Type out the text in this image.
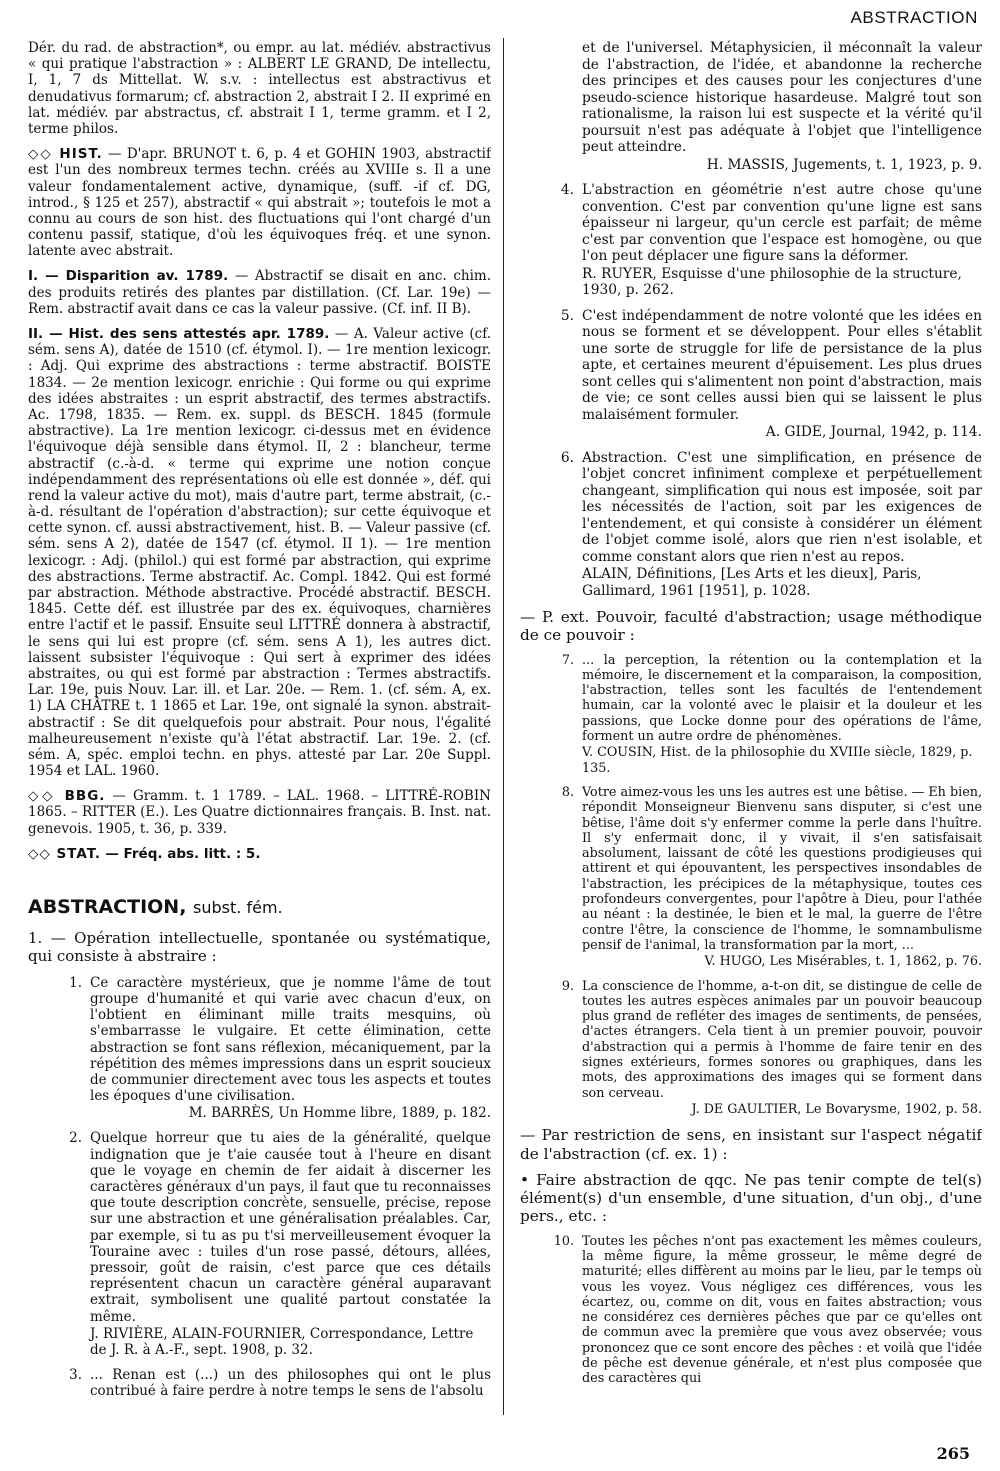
ABSTRACTION

Dér. du rad. de abstraction*, ou empr. au lat. médiév. abstractivus « qui pratique l'abstraction » : ALBERT LE GRAND, De intellectu, I, 1, 7 ds Mittellat. W. s.v. : intellectus est abstractivus et denudativus formarum; cf. abstraction 2, abstrait I 2. II exprimé en lat. médiév. par abstractus, cf. abstrait I 1, terme gramm. et I 2, terme philos.

◇◇ HIST. — D'apr. BRUNOT t. 6, p. 4 et GOHIN 1903, abstractif est l'un des nombreux termes techn. créés au XVIIIe s. Il a une valeur fondamentalement active, dynamique, (suff. -if cf. DG, introd., § 125 et 257), abstractif « qui abstrait »; toutefois le mot a connu au cours de son hist. des fluctuations qui l'ont chargé d'un contenu passif, statique, d'où les équivoques fréq. et une synon. latente avec abstrait.

I. — Disparition av. 1789. — Abstractif se disait en anc. chim. des produits retirés des plantes par distillation. (Cf. Lar. 19e) — Rem. abstractif avait dans ce cas la valeur passive. (Cf. inf. II B).

II. — Hist. des sens attestés apr. 1789. — A. Valeur active (cf. sém. sens A), datée de 1510 (cf. étymol. I). — 1re mention lexicogr. : Adj. Qui exprime des abstractions : terme abstractif. BOISTE 1834. — 2e mention lexicogr. enrichie : Qui forme ou qui exprime des idées abstraites : un esprit abstractif, des termes abstractifs. Ac. 1798, 1835. — Rem. ex. suppl. ds BESCH. 1845 (formule abstractive). La 1re mention lexicogr. ci-dessus met en évidence l'équivoque déjà sensible dans étymol. II, 2 : blancheur, terme abstractif (c.-à-d. « terme qui exprime une notion conçue indépendamment des représentations où elle est donnée », déf. qui rend la valeur active du mot), mais d'autre part, terme abstrait, (c.-à-d. résultant de l'opération d'abstraction); sur cette équivoque et cette synon. cf. aussi abstractivement, hist. B. — Valeur passive (cf. sém. sens A 2), datée de 1547 (cf. étymol. II 1). — 1re mention lexicogr. : Adj. (philol.) qui est formé par abstraction, qui exprime des abstractions. Terme abstractif. Ac. Compl. 1842. Qui est formé par abstraction. Méthode abstractive. Procédé abstractif. BESCH. 1845. Cette déf. est illustrée par des ex. équivoques, charnières entre l'actif et le passif. Ensuite seul LITTRÉ donnera à abstractif, le sens qui lui est propre (cf. sém. sens A 1), les autres dict. laissent subsister l'équivoque : Qui sert à exprimer des idées abstraites, ou qui est formé par abstraction : Termes abstractifs. Lar. 19e, puis Nouv. Lar. ill. et Lar. 20e. — Rem. 1. (cf. sém. A, ex. 1) LA CHÂTRE t. 1 1865 et Lar. 19e, ont signalé la synon. abstrait-abstractif : Se dit quelquefois pour abstrait. Pour nous, l'égalité malheureusement n'existe qu'à l'état abstractif. Lar. 19e. 2. (cf. sém. A, spéc. emploi techn. en phys. attesté par Lar. 20e Suppl. 1954 et LAL. 1960.

◇◇ BBG. — Gramm. t. 1 1789. – LAL. 1968. – LITTRÉ-ROBIN 1865. – RITTER (E.). Les Quatre dictionnaires français. B. Inst. nat. genevois. 1905, t. 36, p. 339.

◇◇ STAT. — Fréq. abs. litt. : 5.

ABSTRACTION, subst. fém.

1. — Opération intellectuelle, spontanée ou systématique, qui consiste à abstraire :

1. Ce caractère mystérieux, que je nomme l'âme de tout groupe d'humanité et qui varie avec chacun d'eux, on l'obtient en éliminant mille traits mesquins, où s'embarrasse le vulgaire. Et cette élimination, cette abstraction se font sans réflexion, mécaniquement, par la répétition des mêmes impressions dans un esprit soucieux de communier directement avec tous les aspects et toutes les époques d'une civilisation.
M. BARRÈS, Un Homme libre, 1889, p. 182.
2. Quelque horreur que tu aies de la généralité, quelque indignation que je t'aie causée tout à l'heure en disant que le voyage en chemin de fer aidait à discerner les caractères généraux d'un pays, il faut que tu reconnaisses que toute description concrète, sensuelle, précise, repose sur une abstraction et une généralisation préalables. Car, par exemple, si tu as pu t'si merveilleusement évoquer la Touraine avec : tuiles d'un rose passé, détours, allées, pressoir, goût de raisin, c'est parce que ces détails représentent chacun un caractère général auparavant extrait, symbolisent une qualité partout constatée la même.
J. RIVIÈRE, ALAIN-FOURNIER, Correspondance, Lettre de J. R. à A.-F., sept. 1908, p. 32.
3. ... Renan est (...) un des philosophes qui ont le plus contribué à faire perdre à notre temps le sens de l'absolu
et de l'universel. Métaphysicien, il méconnaît la valeur de l'abstraction, de l'idée, et abandonne la recherche des principes et des causes pour les conjectures d'une pseudo-science historique hasardeuse. Malgré tout son rationalisme, la raison lui est suspecte et la vérité qu'il poursuit n'est pas adéquate à l'objet que l'intelligence peut atteindre.
H. MASSIS, Jugements, t. 1, 1923, p. 9.
4. L'abstraction en géométrie n'est autre chose qu'une convention. C'est par convention qu'une ligne est sans épaisseur ni largeur, qu'un cercle est parfait; de même c'est par convention que l'espace est homogène, ou que l'on peut déplacer une figure sans la déformer.
R. RUYER, Esquisse d'une philosophie de la structure, 1930, p. 262.
5. C'est indépendamment de notre volonté que les idées en nous se forment et se développent. Pour elles s'établit une sorte de struggle for life de persistance de la plus apte, et certaines meurent d'épuisement. Les plus drues sont celles qui s'alimentent non point d'abstraction, mais de vie; ce sont celles aussi bien qui se laissent le plus malaisément formuler.
A. GIDE, Journal, 1942, p. 114.
6. Abstraction. C'est une simplification, en présence de l'objet concret infiniment complexe et perpétuellement changeant, simplification qui nous est imposée, soit par les nécessités de l'action, soit par les exigences de l'entendement, et qui consiste à considérer un élément de l'objet comme isolé, alors que rien n'est isolable, et comme constant alors que rien n'est au repos.
ALAIN, Définitions, [Les Arts et les dieux], Paris, Gallimard, 1961 [1951], p. 1028.

— P. ext. Pouvoir, faculté d'abstraction; usage méthodique de ce pouvoir :

7. ... la perception, la rétention ou la contemplation et la mémoire, le discernement et la comparaison, la composition, l'abstraction, telles sont les facultés de l'entendement humain, car la volonté avec le plaisir et la douleur et les passions, que Locke donne pour des opérations de l'âme, forment un autre ordre de phénomènes.
V. COUSIN, Hist. de la philosophie du XVIIIe siècle, 1829, p. 135.
8. Votre aimez-vous les uns les autres est une bêtise. — Eh bien, répondit Monseigneur Bienvenu sans disputer, si c'est une bêtise, l'âme doit s'y enfermer comme la perle dans l'huître. Il s'y enfermait donc, il y vivait, il s'en satisfaisait absolument, laissant de côté les questions prodigieuses qui attirent et qui épouvantent, les perspectives insondables de l'abstraction, les précipices de la métaphysique, toutes ces profondeurs convergentes, pour l'apôtre à Dieu, pour l'athée au néant : la destinée, le bien et le mal, la guerre de l'être contre l'être, la conscience de l'homme, le somnambulisme pensif de l'animal, la transformation par la mort, ...
V. HUGO, Les Misérables, t. 1, 1862, p. 76.
9. La conscience de l'homme, a-t-on dit, se distingue de celle de toutes les autres espèces animales par un pouvoir beaucoup plus grand de refléter des images de sentiments, de pensées, d'actes étrangers. Cela tient à un premier pouvoir, pouvoir d'abstraction qui a permis à l'homme de faire tenir en des signes extérieurs, formes sonores ou graphiques, dans les mots, des approximations des images qui se forment dans son cerveau.
J. DE GAULTIER, Le Bovarysme, 1902, p. 58.

— Par restriction de sens, en insistant sur l'aspect négatif de l'abstraction (cf. ex. 1) :

• Faire abstraction de qqc. Ne pas tenir compte de tel(s) élément(s) d'un ensemble, d'une situation, d'un obj., d'une pers., etc. :

10. Toutes les pêches n'ont pas exactement les mêmes couleurs, la même figure, la même grosseur, le même degré de maturité; elles diffèrent au moins par le lieu, par le temps où vous les voyez. Vous négligez ces différences, vous les écartez, ou, comme on dit, vous en faites abstraction; vous ne considérez ces dernières pêches que par ce qu'elles ont de commun avec la première que vous avez observée; vous prononcez que ce sont encore des pêches : et voilà que l'idée de pêche est devenue générale, et n'est plus composée que des caractères qui
265
